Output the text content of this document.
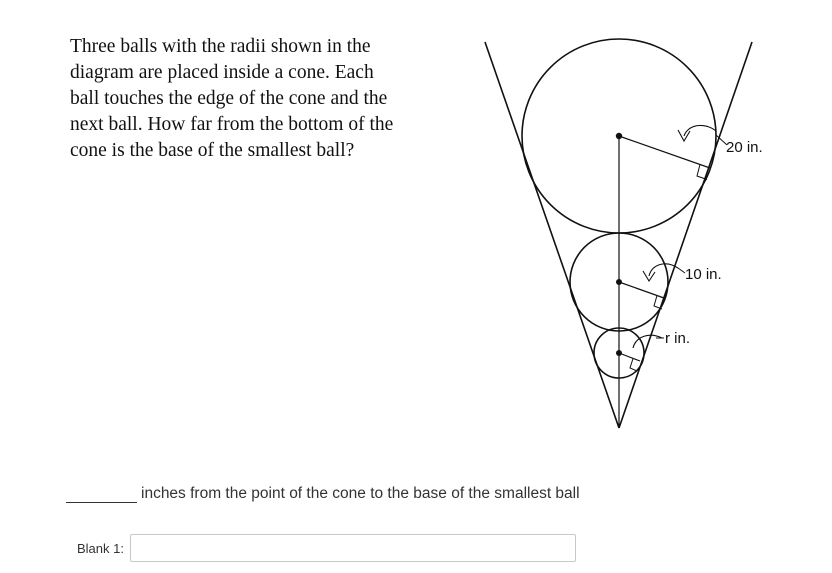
Three balls with the radii shown in the
diagram are placed inside a cone. Each
ball touches the edge of the cone and the
next ball. How far from the bottom of the
cone is the base of the smallest ball?	20 in.
10 in.
r in.
inches from the point of the cone to the base of the smallest ball
Blank 1:
